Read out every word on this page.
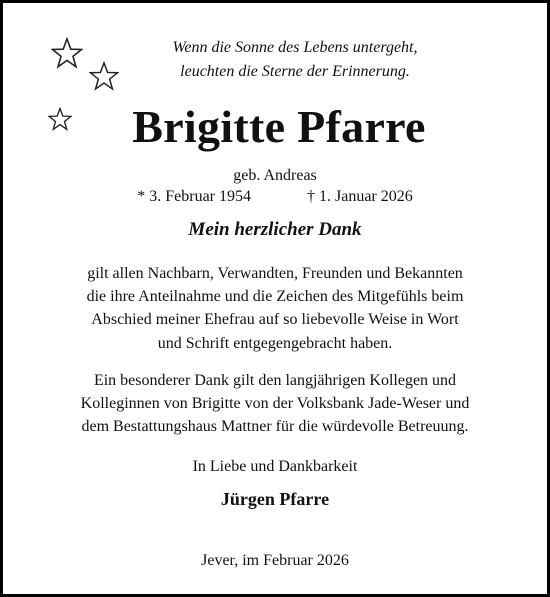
Wenn die Sonne des Lebens untergeht,
leuchten die Sterne der Erinnerung.
Brigitte Pfarre
geb. Andreas
* 3. Februar 1954	† 1. Januar 2026
Mein herzlicher Dank
gilt allen Nachbarn, Verwandten, Freunden und Bekannten
die ihre Anteilnahme und die Zeichen des Mitgefühls beim
Abschied meiner Ehefrau auf so liebevolle Weise in Wort
und Schrift entgegengebracht haben.
Ein besonderer Dank gilt den langjährigen Kollegen und
Kolleginnen von Brigitte von der Volksbank Jade-Weser und
dem Bestattungshaus Mattner für die würdevolle Betreuung.
In Liebe und Dankbarkeit
Jürgen Pfarre
Jever, im Februar 2026
